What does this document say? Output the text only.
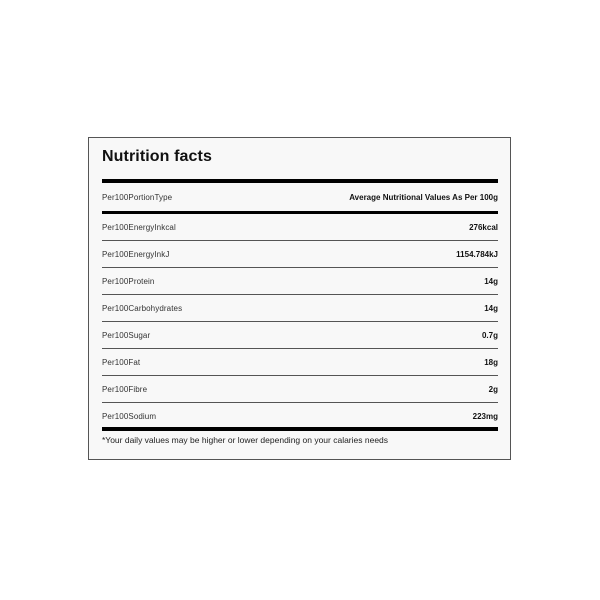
Nutrition facts
Per100PortionType	Average Nutritional Values As Per 100g
Per100EnergyInkcal	276kcal
Per100EnergyInkJ	1154.784kJ
Per100Protein	14g
Per100Carbohydrates	14g
Per100Sugar	0.7g
Per100Fat	18g
Per100Fibre	2g
Per100Sodium	223mg
*Your daily values may be higher or lower depending on your calaries needs
